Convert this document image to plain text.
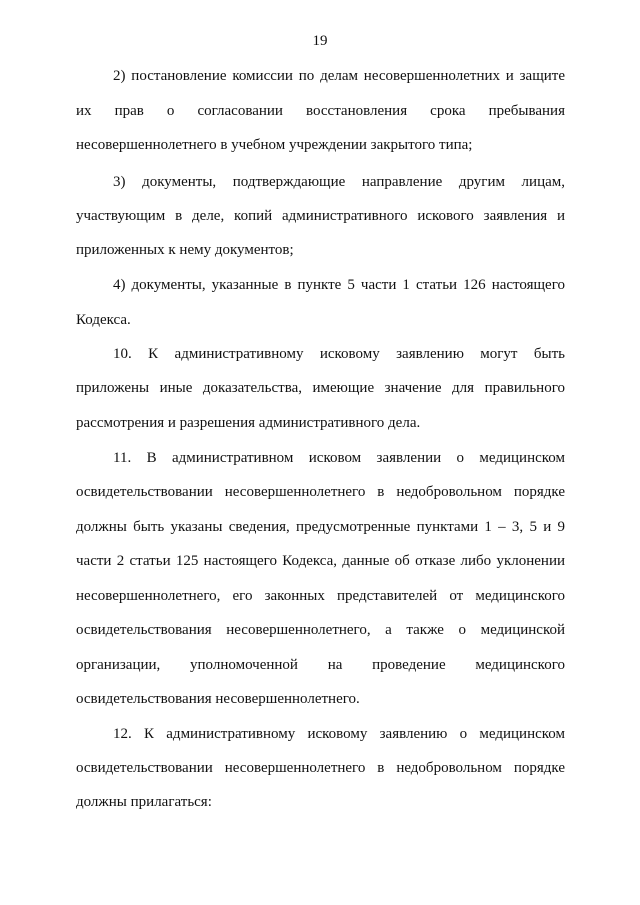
19
2) постановление комиссии по делам несовершеннолетних и защите
их прав о согласовании восстановления срока пребывания
несовершеннолетнего в учебном учреждении закрытого типа;
3) документы, подтверждающие направление другим лицам,
участвующим в деле, копий административного искового заявления и
приложенных к нему документов;
4) документы, указанные в пункте 5 части 1 статьи 126 настоящего
Кодекса.
10. К административному исковому заявлению могут быть
приложены иные доказательства, имеющие значение для правильного
рассмотрения и разрешения административного дела.
11. В административном исковом заявлении о медицинском
освидетельствовании несовершеннолетнего в недобровольном порядке
должны быть указаны сведения, предусмотренные пунктами 1 – 3, 5 и 9
части 2 статьи 125 настоящего Кодекса, данные об отказе либо уклонении
несовершеннолетнего, его законных представителей от медицинского
освидетельствования несовершеннолетнего, а также о медицинской
организации, уполномоченной на проведение медицинского
освидетельствования несовершеннолетнего.
12. К административному исковому заявлению о медицинском
освидетельствовании несовершеннолетнего в недобровольном порядке
должны прилагаться:
